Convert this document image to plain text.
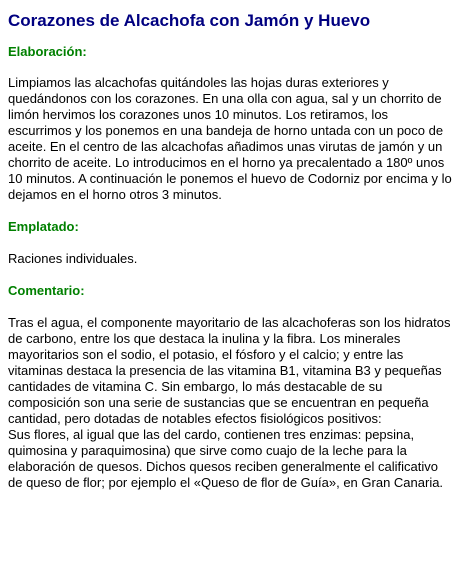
Corazones de Alcachofa con Jamón y Huevo
Elaboración:

Limpiamos las alcachofas quitándoles las hojas duras exteriores y quedándonos con los corazones. En una olla con agua, sal y un chorrito de limón hervimos los corazones unos 10 minutos. Los retiramos, los escurrimos y los ponemos en una bandeja de horno untada con un poco de aceite. En el centro de las alcachofas añadimos unas virutas de jamón y un chorrito de aceite. Lo introducimos en el horno ya precalentado a 180º unos 10 minutos. A continuación le ponemos el huevo de Codorniz por encima y lo dejamos en el horno otros 3 minutos.

Emplatado:

Raciones individuales.

Comentario:

Tras el agua, el componente mayoritario de las alcachoferas son los hidratos de carbono, entre los que destaca la inulina y la fibra. Los minerales mayoritarios son el sodio, el potasio, el fósforo y el calcio; y entre las vitaminas destaca la presencia de las vitamina B1, vitamina B3 y pequeñas cantidades de vitamina C. Sin embargo, lo más destacable de su composición son una serie de sustancias que se encuentran en pequeña cantidad, pero dotadas de notables efectos fisiológicos positivos:
Sus flores, al igual que las del cardo, contienen tres enzimas: pepsina, quimosina y paraquimosina) que sirve como cuajo de la leche para la elaboración de quesos. Dichos quesos reciben generalmente el calificativo de queso de flor; por ejemplo el «Queso de flor de Guía», en Gran Canaria.
